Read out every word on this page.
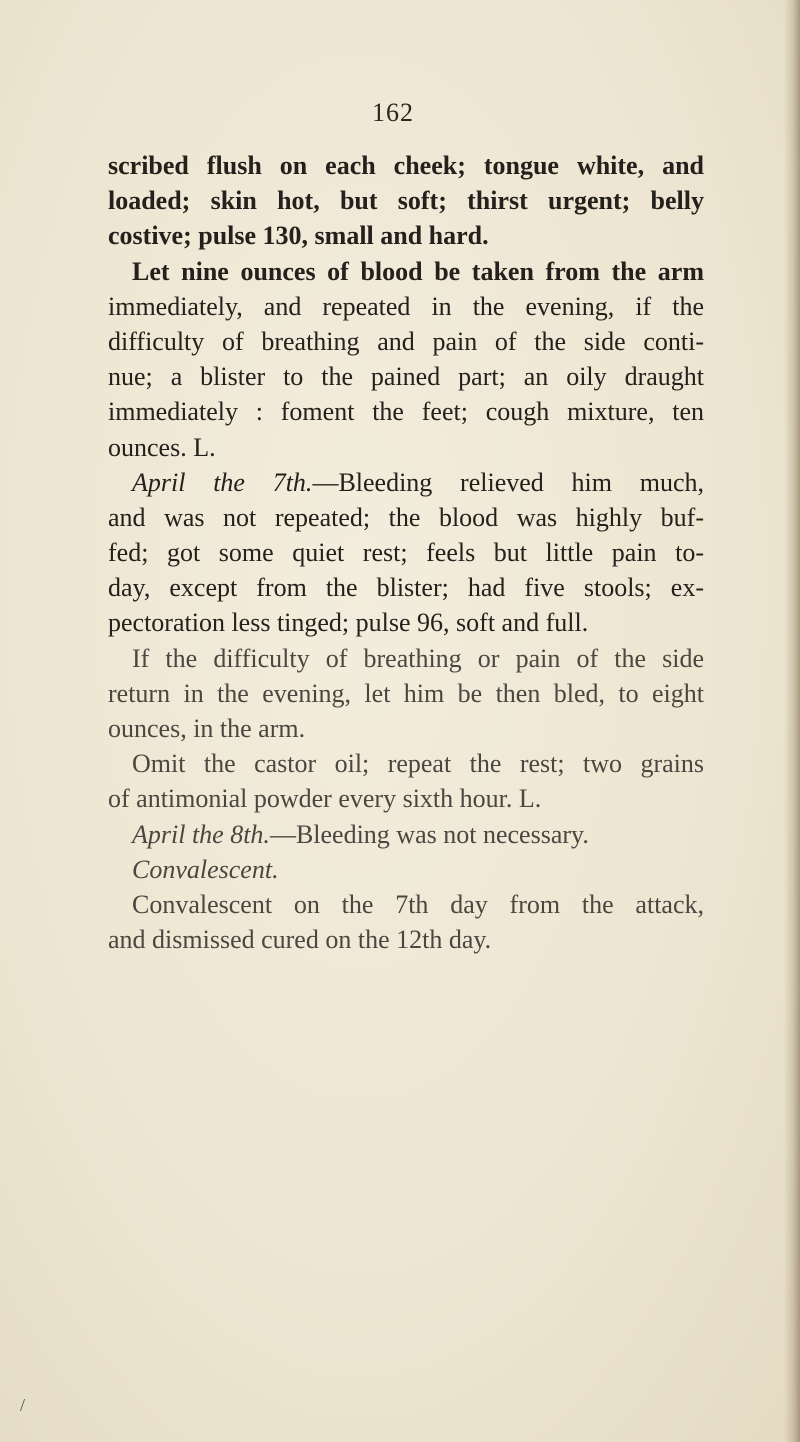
162
scribed flush on each cheek; tongue white, and
loaded; skin hot, but soft; thirst urgent; belly
costive; pulse 130, small and hard.
Let nine ounces of blood be taken from the arm
immediately, and repeated in the evening, if the
difficulty of breathing and pain of the side conti-
nue; a blister to the pained part; an oily draught
immediately : foment the feet; cough mixture, ten
ounces. L.
April the 7th.—Bleeding relieved him much,
and was not repeated; the blood was highly buf-
fed; got some quiet rest; feels but little pain to-
day, except from the blister; had five stools; ex-
pectoration less tinged; pulse 96, soft and full.
If the difficulty of breathing or pain of the side
return in the evening, let him be then bled, to eight
ounces, in the arm.
Omit the castor oil; repeat the rest; two grains
of antimonial powder every sixth hour. L.
April the 8th.—Bleeding was not necessary.
Convalescent.
Convalescent on the 7th day from the attack,
and dismissed cured on the 12th day.
/
